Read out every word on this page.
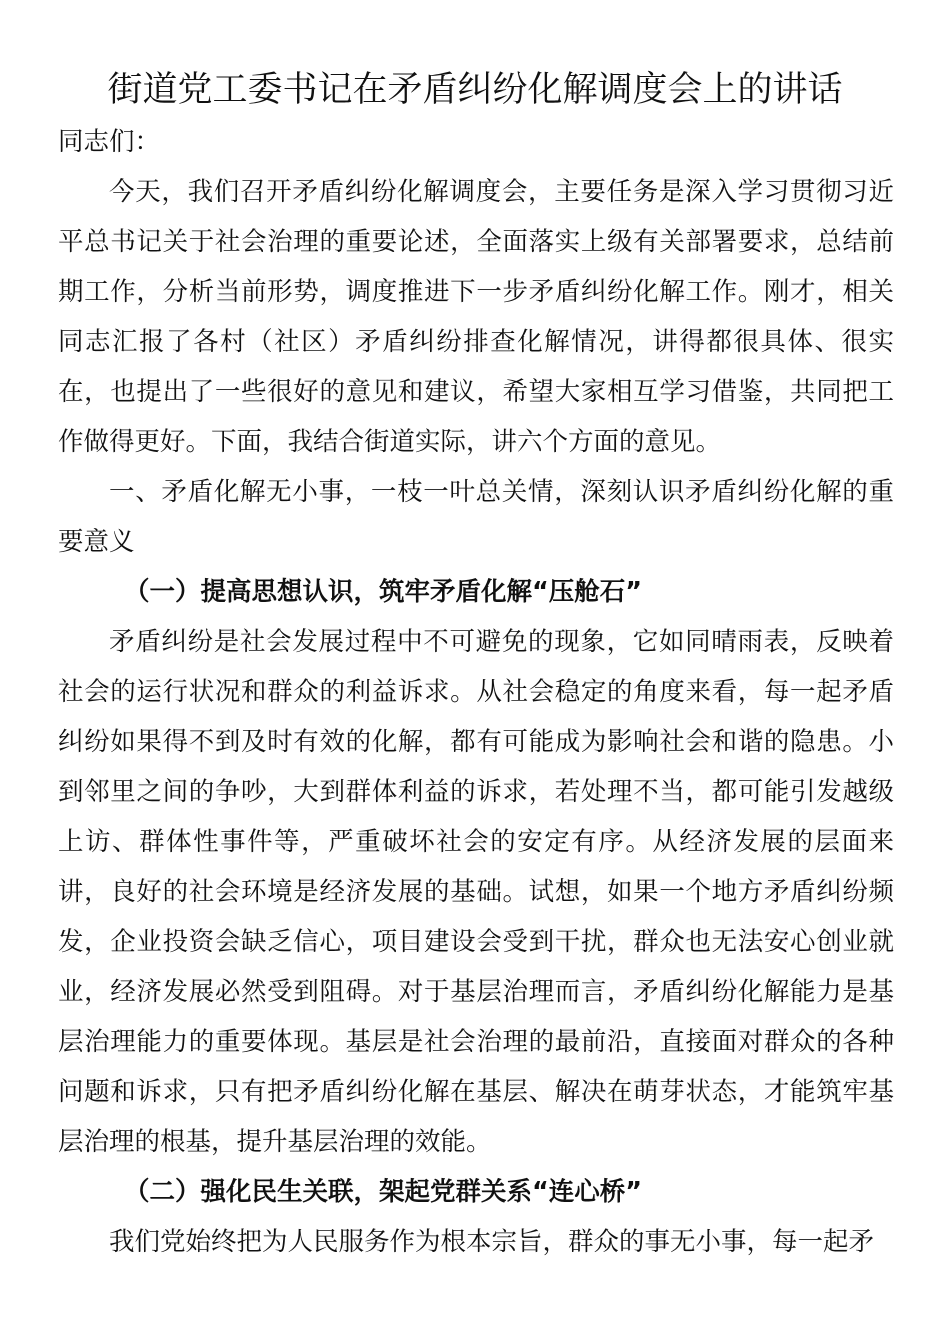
街道党工委书记在矛盾纠纷化解调度会上的讲话

同志们：

今天，我们召开矛盾纠纷化解调度会，主要任务是深入学习贯彻习近平总书记关于社会治理的重要论述，全面落实上级有关部署要求，总结前期工作，分析当前形势，调度推进下一步矛盾纠纷化解工作。刚才，相关同志汇报了各村（社区）矛盾纠纷排查化解情况，讲得都很具体、很实在，也提出了一些很好的意见和建议，希望大家相互学习借鉴，共同把工作做得更好。下面，我结合街道实际，讲六个方面的意见。

一、矛盾化解无小事，一枝一叶总关情，深刻认识矛盾纠纷化解的重要意义

（一）提高思想认识，筑牢矛盾化解“压舱石”

矛盾纠纷是社会发展过程中不可避免的现象，它如同晴雨表，反映着社会的运行状况和群众的利益诉求。从社会稳定的角度来看，每一起矛盾纠纷如果得不到及时有效的化解，都有可能成为影响社会和谐的隐患。小到邻里之间的争吵，大到群体利益的诉求，若处理不当，都可能引发越级上访、群体性事件等，严重破坏社会的安定有序。从经济发展的层面来讲，良好的社会环境是经济发展的基础。试想，如果一个地方矛盾纠纷频发，企业投资会缺乏信心，项目建设会受到干扰，群众也无法安心创业就业，经济发展必然受到阻碍。对于基层治理而言，矛盾纠纷化解能力是基层治理能力的重要体现。基层是社会治理的最前沿，直接面对群众的各种问题和诉求，只有把矛盾纠纷化解在基层、解决在萌芽状态，才能筑牢基层治理的根基，提升基层治理的效能。

（二）强化民生关联，架起党群关系“连心桥”

我们党始终把为人民服务作为根本宗旨，群众的事无小事，每一起矛
